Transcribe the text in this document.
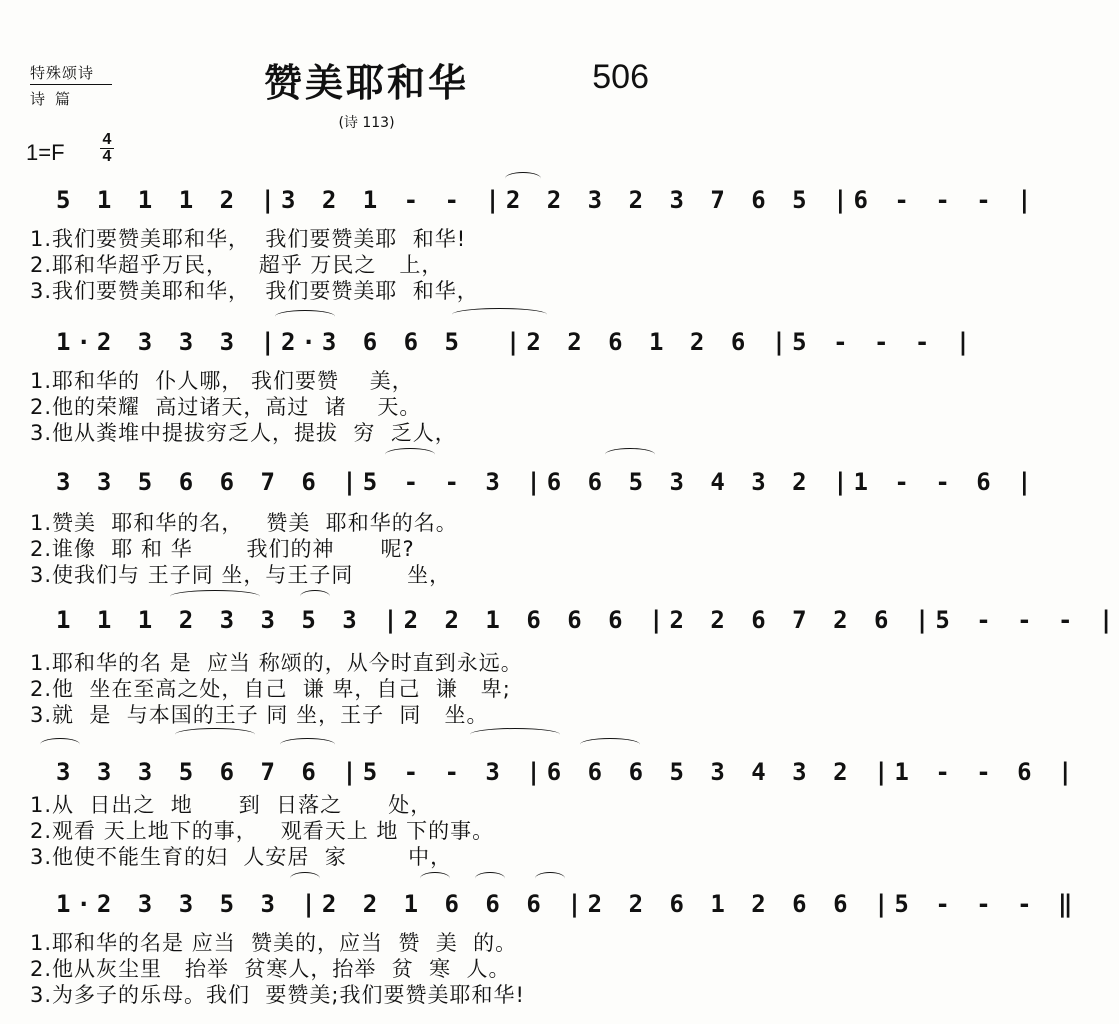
特殊颂诗
诗篇	赞美耶和华	506
(诗 113)
1=F
4
4
5 1 1 1 2 |3 2 1 - - |2 2 3 2 3 7 6 5 |6 - - - |
1.我们要赞美耶和华，  我们要赞美耶  和华!
2.耶和华超乎万民，    超乎 万民之   上，
3.我们要赞美耶和华，  我们要赞美耶  和华，
1·2 3 3 3 |2·3 6 6 5  |2 2 6 1 2 6 |5 - - - |
1.耶和华的  仆人哪， 我们要赞    美，
2.他的荣耀  高过诸天，高过  诸    天。
3.他从粪堆中提拔穷乏人，提拔  穷  乏人，
3 3 5 6 6 7 6 |5 - - 3 |6 6 5 3 4 3 2 |1 - - 6 |
1.赞美  耶和华的名，   赞美  耶和华的名。
2.谁像  耶 和 华       我们的神      呢?
3.使我们与 王子同 坐，与王子同       坐，
1 1 1 2 3 3 5 3 |2 2 1 6 6 6 |2 2 6 7 2 6 |5 - - - |
1.耶和华的名 是  应当 称颂的，从今时直到永远。
2.他  坐在至高之处，自己  谦 卑，自己  谦   卑;
3.就  是  与本国的王子 同 坐，王子  同   坐。
3 3 3 5 6 7 6 |5 - - 3 |6 6 6 5 3 4 3 2 |1 - - 6 |
1.从  日出之  地      到  日落之      处，
2.观看 天上地下的事，   观看天上 地 下的事。
3.他使不能生育的妇  人安居  家        中，
1·2 3 3 5 3 |2 2 1 6 6 6 |2 2 6 1 2 6 6 |5 - - - ‖
1.耶和华的名是 应当  赞美的，应当  赞  美  的。
2.他从灰尘里   抬举  贫寒人，抬举  贫  寒  人。
3.为多子的乐母。我们  要赞美;我们要赞美耶和华!
